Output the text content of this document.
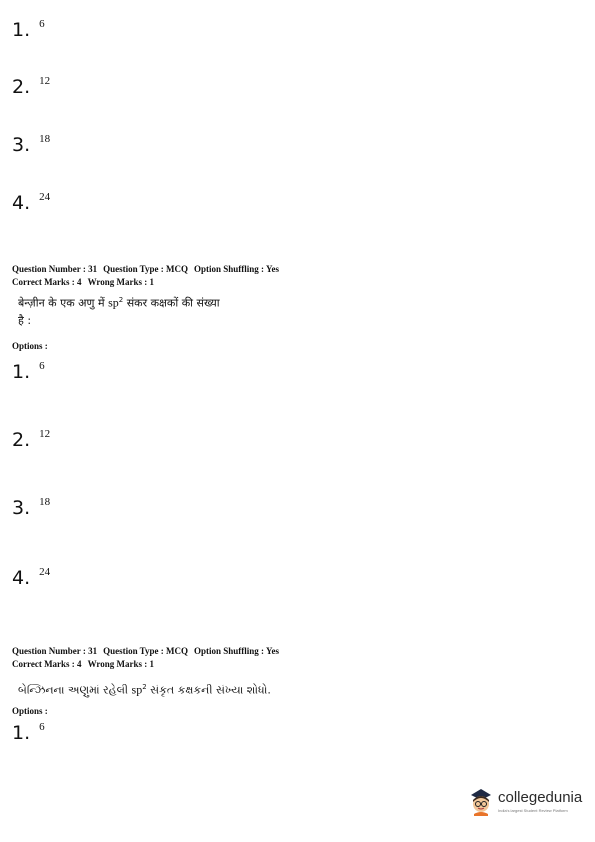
1. 6
2. 12
3. 18
4. 24
Question Number : 31 Question Type : MCQ Option Shuffling : Yes
Correct Marks : 4 Wrong Marks : 1
बेन्ज़ीन के एक अणु में $sp^2$ संकर कक्षकों की संख्या
है :
Options :
1. 6
2. 12
3. 18
4. 24
Question Number : 31 Question Type : MCQ Option Shuffling : Yes
Correct Marks : 4 Wrong Marks : 1
બેન્ઝિનના અણુમાં રહેલી $sp^2$ સંકૃત કક્ષકની સંખ્યા શોધો.
Options :
1. 6
collegedunia
India's largest Student Review Platform
